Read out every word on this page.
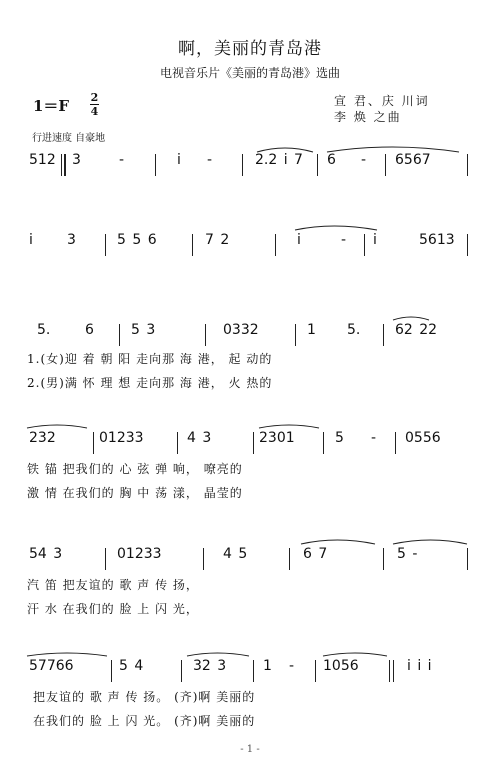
啊，美丽的青岛港
电视音乐片《美丽的青岛港》选曲
1＝F 2
4
宣 君、庆 川词
李 焕 之曲
行进速度 自豪地
512 3	-	i -	2.2 i 7 6 - 6567
i 3	5 5 6	7 2	i	- i	5613
5. 6	5 3	0332	1 5. 62 22
1.(女)迎 着 朝 阳 走向那 海 港， 起 动的
2.(男)满 怀 理 想 走向那 海 港， 火 热的
232	01233	4 3	2301	5 - 0556
铁 锚 把我们的 心 弦 弹 响， 嘹亮的
激 情 在我们的 胸 中 荡 漾， 晶莹的
54 3	01233	4 5	6 7	5 -
汽 笛 把友谊的 歌 声 传 扬，
汗 水 在我们的 脸 上 闪 光，
57766	5 4	32 3	1 - 1056	i i i
把友谊的 歌 声 传 扬。 (齐)啊 美丽的
在我们的 脸 上 闪 光。 (齐)啊 美丽的
- 1 -
